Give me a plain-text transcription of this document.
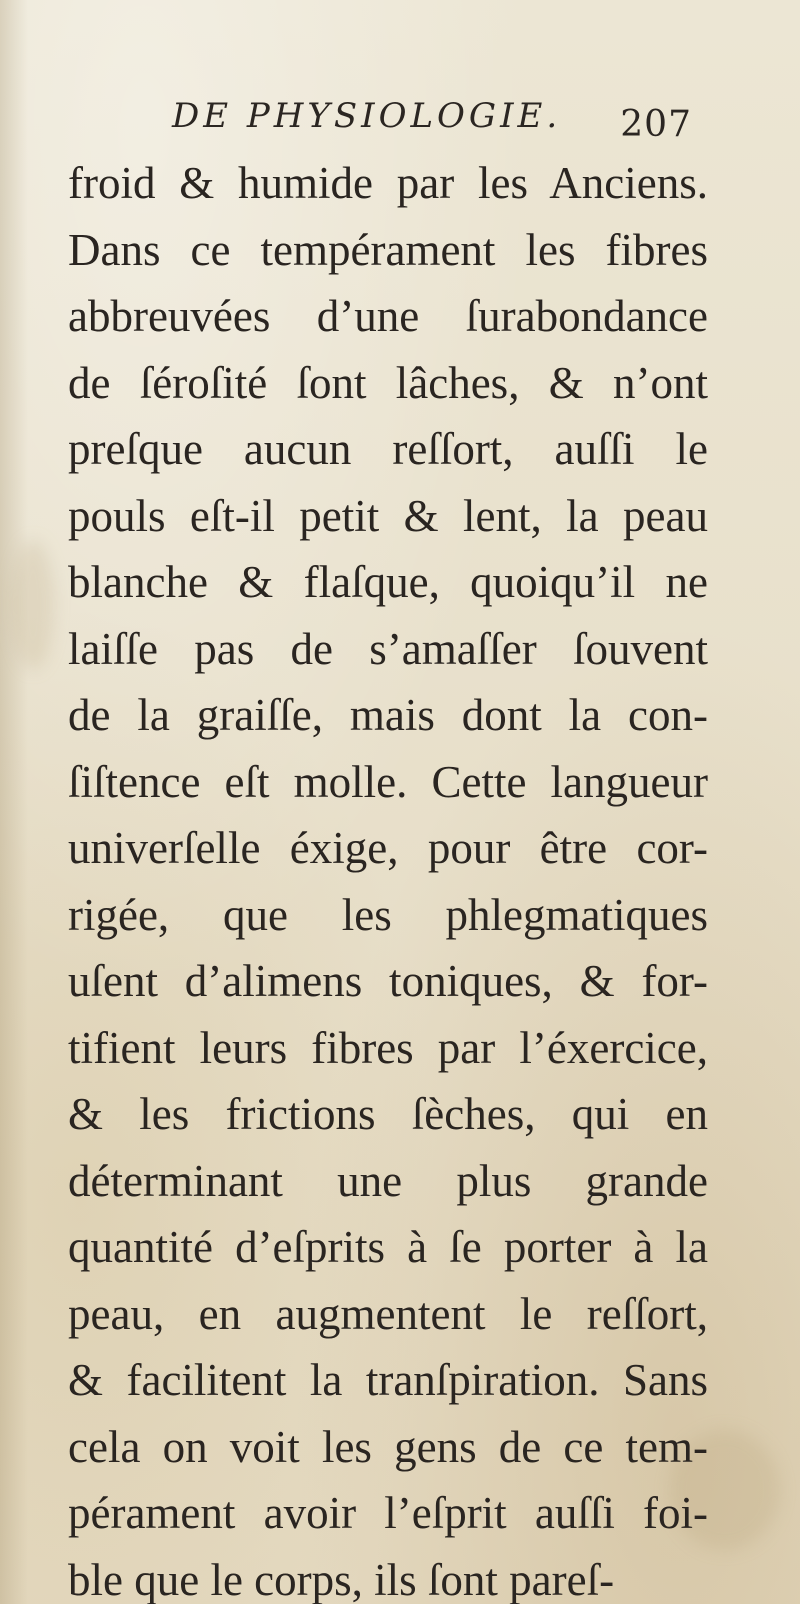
DE PHYSIOLOGIE. 207
froid & humide par les Anciens.
Dans ce tempérament les fibres
abbreuvées d’une ſurabondance
de ſéroſité ſont lâches, & n’ont
preſque aucun reſſort, auſſi le
pouls eſt-il petit & lent, la peau
blanche & flaſque, quoiqu’il ne
laiſſe pas de s’amaſſer ſouvent
de la graiſſe, mais dont la con-
ſiſtence eſt molle. Cette langueur
univerſelle éxige, pour être cor-
rigée, que les phlegmatiques
uſent d’alimens toniques, & for-
tifient leurs fibres par l’éxercice,
& les frictions ſèches, qui en
déterminant une plus grande
quantité d’eſprits à ſe porter à la
peau, en augmentent le reſſort,
& facilitent la tranſpiration. Sans
cela on voit les gens de ce tem-
pérament avoir l’eſprit auſſi foi-
ble que le corps, ils ſont pareſ-
